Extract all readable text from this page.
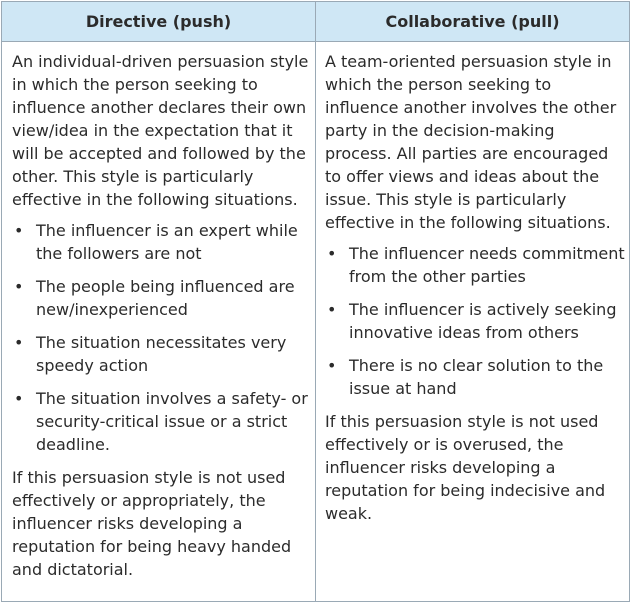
Directive (push)	Collaborative (pull)

An individual-driven persuasion style in which the person seeking to influence another declares their own view/idea in the expectation that it will be accepted and followed by the other. This style is particularly effective in the following situations.

• The influencer is an expert while the followers are not
• The people being influenced are new/inexperienced
• The situation necessitates very speedy action
• The situation involves a safety- or security-critical issue or a strict deadline.

If this persuasion style is not used effectively or appropriately, the influencer risks developing a reputation for being heavy handed and dictatorial.

A team-oriented persuasion style in which the person seeking to influence another involves the other party in the decision-making process. All parties are encouraged to offer views and ideas about the issue. This style is particularly effective in the following situations.

• The influencer needs commitment from the other parties
• The influencer is actively seeking innovative ideas from others
• There is no clear solution to the issue at hand

If this persuasion style is not used effectively or is overused, the influencer risks developing a reputation for being indecisive and weak.
